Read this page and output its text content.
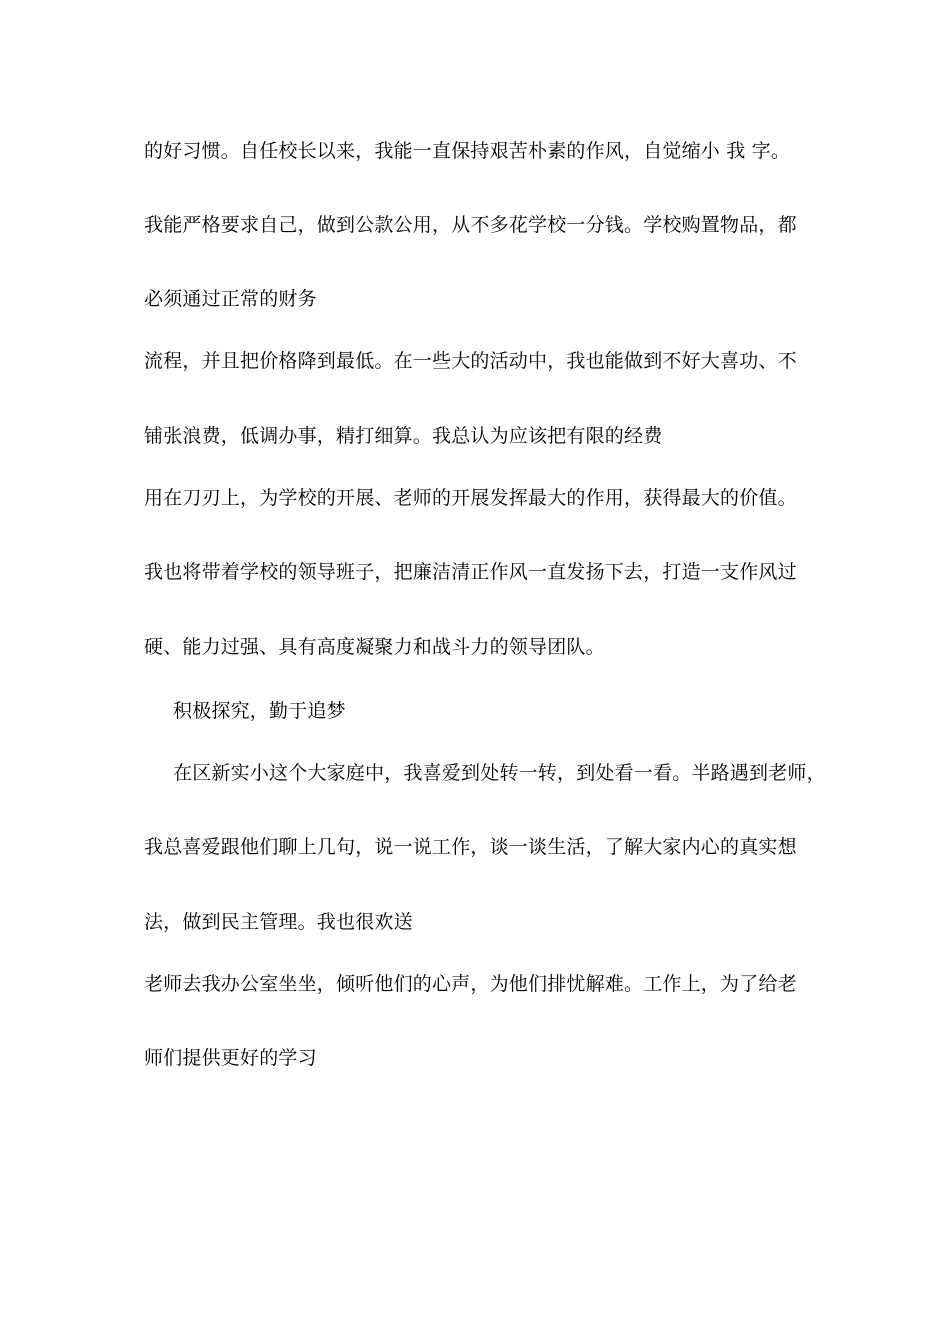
的好习惯。自任校长以来，我能一直保持艰苦朴素的作风，自觉缩小 我 字。
我能严格要求自己，做到公款公用，从不多花学校一分钱。学校购置物品，都
必须通过正常的财务
流程，并且把价格降到最低。在一些大的活动中，我也能做到不好大喜功、不
铺张浪费，低调办事，精打细算。我总认为应该把有限的经费
用在刀刃上，为学校的开展、老师的开展发挥最大的作用，获得最大的价值。
我也将带着学校的领导班子，把廉洁清正作风一直发扬下去，打造一支作风过
硬、能力过强、具有高度凝聚力和战斗力的领导团队。
积极探究，勤于追梦
在区新实小这个大家庭中，我喜爱到处转一转，到处看一看。半路遇到老师，
我总喜爱跟他们聊上几句，说一说工作，谈一谈生活，了解大家内心的真实想
法，做到民主管理。我也很欢送
老师去我办公室坐坐，倾听他们的心声，为他们排忧解难。工作上，为了给老
师们提供更好的学习
